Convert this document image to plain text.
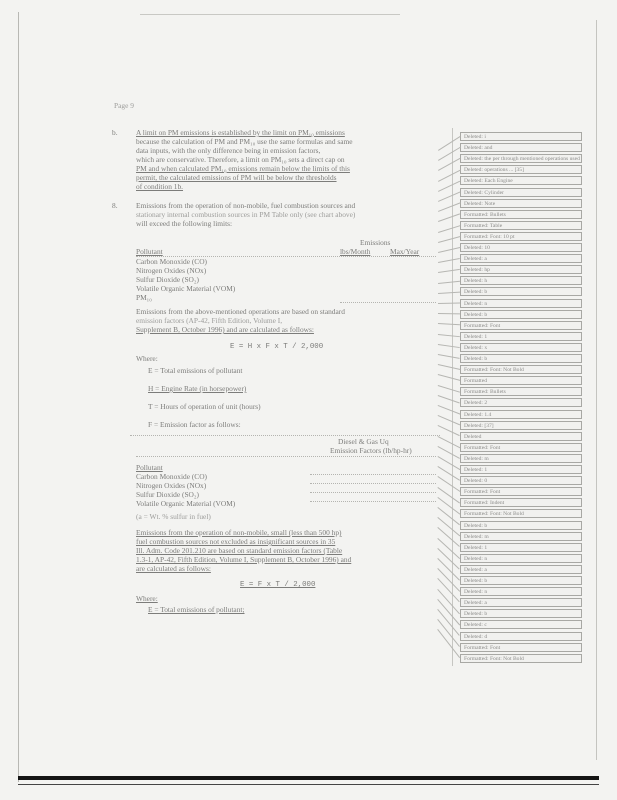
Page 9
b. A limit on PM emissions is established by the limit on PM₁₀ emissions
because the calculation of PM and PM₁₀ use the same formulas and same
data inputs, with the only difference being in emission factors,
which are conservative. Therefore, a limit on PM₁₀ sets a direct cap on
PM and when calculated PM₁₀ emissions remain below the limits of this
permit, the calculated emissions of PM will be below the thresholds
of condition 1b.
8. Emissions from the operation of non-mobile, fuel combustion sources and
stationary internal combustion sources in PM Table only (see chart above)
will exceed the following limits:
Emissions
Pollutant	lbs/Month	Max/Year
Carbon Monoxide (CO)
Nitrogen Oxides (NOx)
Sulfur Dioxide (SO₂)
Volatile Organic Material (VOM)
PM₁₀
Emissions from the above-mentioned operations are based on standard
emission factors (AP-42, Fifth Edition, Volume I,
Supplement B, October 1996) and are calculated as follows:
E = H x F x T / 2,000
Where:
E = Total emissions of pollutant
H = Engine Rate (in horsepower)
T = Hours of operation of unit (hours)
F = Emission factor as follows:
Diesel & Gas Uq
Emission Factors (lb/hp-hr)
Pollutant
Carbon Monoxide (CO)
Nitrogen Oxides (NOx)
Sulfur Dioxide (SO₂)
Volatile Organic Material (VOM)
(a = Wt. % sulfur in fuel)
Emissions from the operation of non-mobile, small (less than 500 hp)
fuel combustion sources not excluded as insignificant sources in 35
Ill. Adm. Code 201.210 are based on standard emission factors (Table
1.3-1, AP-42, Fifth Edition, Volume I, Supplement B, October 1996) and
are calculated as follows:
E = F x T / 2,000
Where:
E = Total emissions of pollutant;
Deleted: i
Deleted: and
Deleted: the per through mentioned operations used
Deleted: operations ... [35]
Deleted: Each Engine
Deleted: Cylinder
Deleted: Note
Formatted: Bullets
Formatted: Table
Formatted: Font: 10 pt
Deleted: 10
Deleted: a
Deleted: hp
Deleted: h
Deleted: b
Deleted: n
Deleted: b
Formatted: Font
Deleted: 1
Deleted: x
Deleted: b
Formatted: Font: Not Bold
Formatted
Formatted: Bullets
Deleted: 2
Deleted: 1.4
Deleted: [37]
Deleted
Formatted: Font
Deleted: m
Deleted: 1
Deleted: 0
Formatted: Font
Formatted: Indent
Formatted: Font: Not Bold
Deleted: b
Deleted: m
Deleted: 1
Deleted: n
Deleted: a
Deleted: b
Deleted: n
Deleted: a
Deleted: b
Deleted: c
Deleted: d
Formatted: Font
Formatted: Font: Not Bold
